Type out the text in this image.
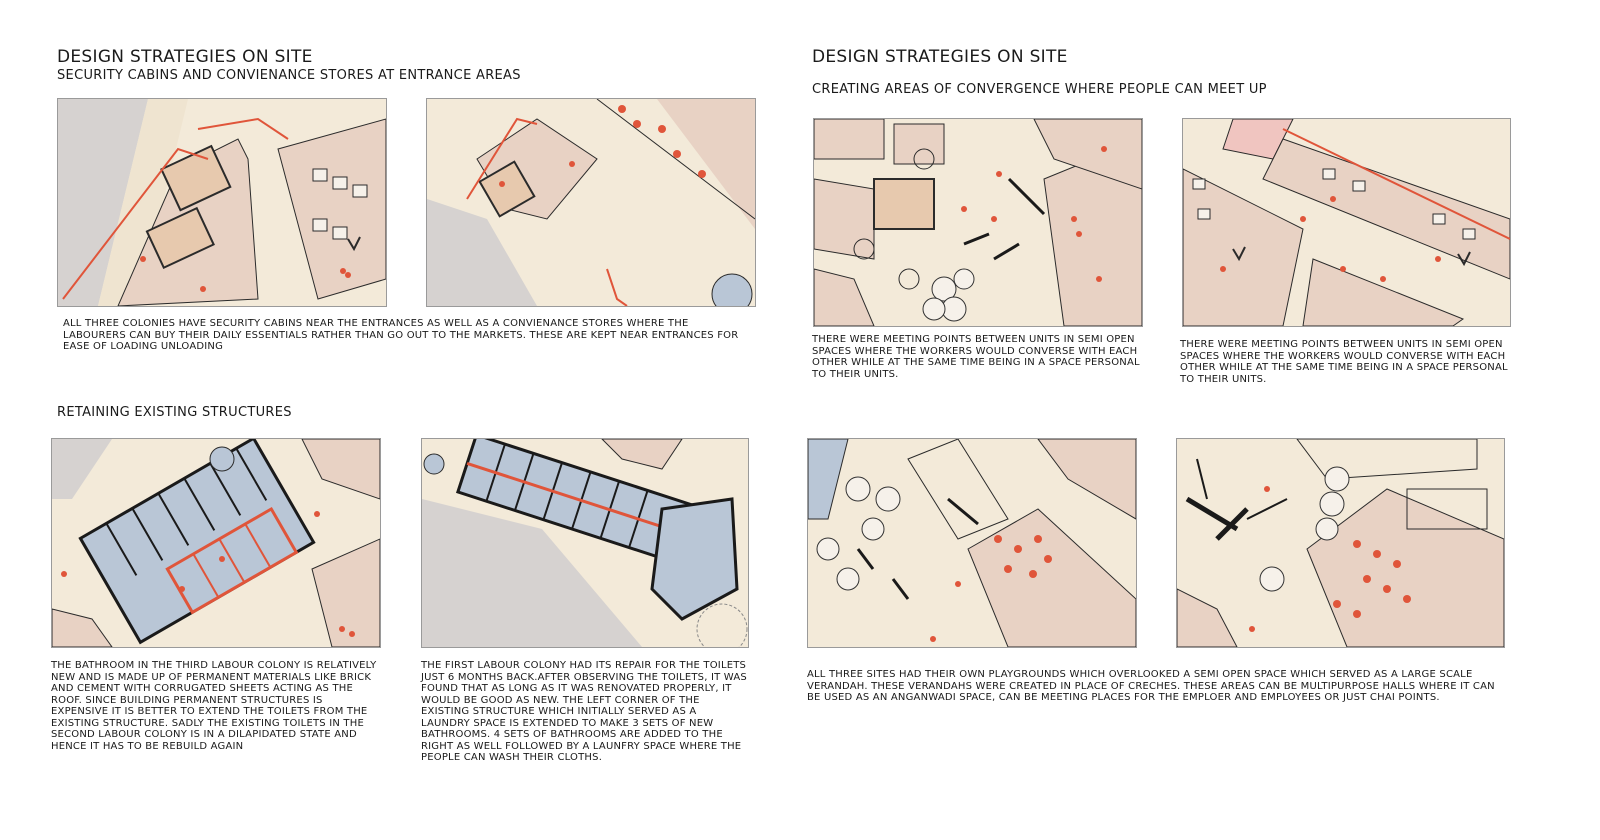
DESIGN STRATEGIES ON SITE
SECURITY CABINS AND CONVIENANCE STORES AT ENTRANCE AREAS
ALL THREE COLONIES HAVE SECURITY CABINS NEAR THE ENTRANCES AS WELL AS A CONVIENANCE STORES WHERE THE LABOURERS CAN BUY THEIR DAILY ESSENTIALS RATHER THAN GO OUT TO THE MARKETS. THESE ARE KEPT NEAR ENTRANCES FOR EASE OF LOADING UNLOADING
RETAINING EXISTING STRUCTURES
THE BATHROOM IN THE THIRD LABOUR COLONY IS RELATIVELY NEW AND IS MADE UP OF PERMANENT MATERIALS LIKE BRICK AND CEMENT WITH CORRUGATED SHEETS ACTING AS THE ROOF. SINCE BUILDING PERMANENT STRUCTURES IS EXPENSIVE IT IS BETTER TO EXTEND THE TOILETS FROM THE EXISTING STRUCTURE. SADLY THE EXISTING TOILETS IN THE SECOND LABOUR COLONY IS IN A DILAPIDATED STATE AND HENCE IT HAS TO BE REBUILD AGAIN
THE FIRST LABOUR COLONY HAD ITS REPAIR FOR THE TOILETS JUST 6 MONTHS BACK.AFTER OBSERVING THE TOILETS, IT WAS FOUND THAT AS LONG AS IT WAS RENOVATED PROPERLY, IT WOULD BE GOOD AS NEW. THE LEFT CORNER OF THE EXISTING STRUCTURE WHICH INITIALLY SERVED AS A LAUNDRY SPACE IS EXTENDED TO MAKE 3 SETS OF NEW BATHROOMS. 4 SETS OF BATHROOMS ARE ADDED TO THE RIGHT AS WELL FOLLOWED BY A LAUNFRY SPACE WHERE THE PEOPLE CAN WASH THEIR CLOTHS.
DESIGN STRATEGIES ON SITE
CREATING AREAS OF CONVERGENCE WHERE PEOPLE CAN MEET UP
THERE WERE MEETING POINTS BETWEEN UNITS IN SEMI OPEN SPACES WHERE THE WORKERS WOULD CONVERSE WITH EACH OTHER WHILE AT THE SAME TIME BEING IN A SPACE PERSONAL TO THEIR UNITS.
THERE WERE MEETING POINTS BETWEEN UNITS IN SEMI OPEN SPACES WHERE THE WORKERS WOULD CONVERSE WITH EACH OTHER WHILE AT THE SAME TIME BEING IN A SPACE PERSONAL TO THEIR UNITS.
ALL THREE SITES HAD THEIR OWN PLAYGROUNDS WHICH OVERLOOKED A SEMI OPEN SPACE WHICH SERVED AS A LARGE SCALE VERANDAH. THESE VERANDAHS WERE CREATED IN PLACE OF CRECHES. THESE AREAS CAN BE MULTIPURPOSE HALLS WHERE IT CAN BE USED AS AN ANGANWADI SPACE, CAN BE MEETING PLACES FOR THE EMPLOER AND EMPLOYEES OR JUST CHAI POINTS.
